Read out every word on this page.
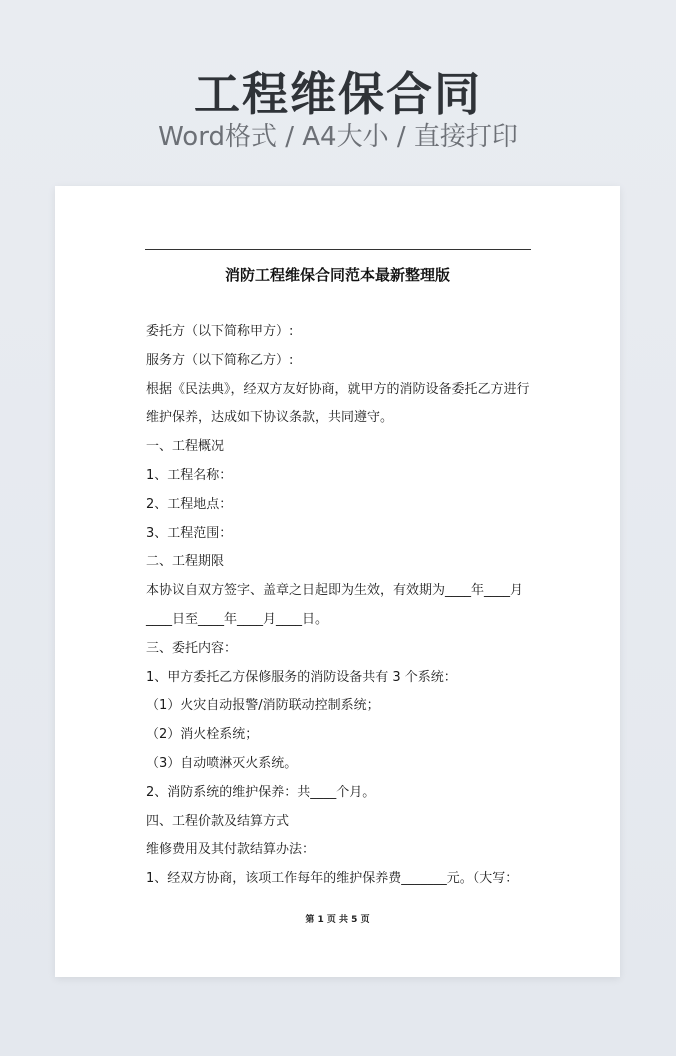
工程维保合同
Word格式 / A4大小 / 直接打印
消防工程维保合同范本最新整理版
委托方（以下简称甲方）:
服务方（以下简称乙方）:
根据《民法典》，经双方友好协商，就甲方的消防设备委托乙方进行
维护保养，达成如下协议条款，共同遵守。
一、工程概况
1、工程名称：
2、工程地点：
3、工程范围：
二、工程期限
本协议自双方签字、盖章之日起即为生效，有效期为____年____月
____日至____年____月____日。
三、委托内容：
1、甲方委托乙方保修服务的消防设备共有 3 个系统：
（1）火灾自动报警/消防联动控制系统；
（2）消火栓系统；
（3）自动喷淋灭火系统。
2、消防系统的维护保养：共____个月。
四、工程价款及结算方式
维修费用及其付款结算办法：
1、经双方协商，该项工作每年的维护保养费_______元。（大写：
第 1 页 共 5 页
